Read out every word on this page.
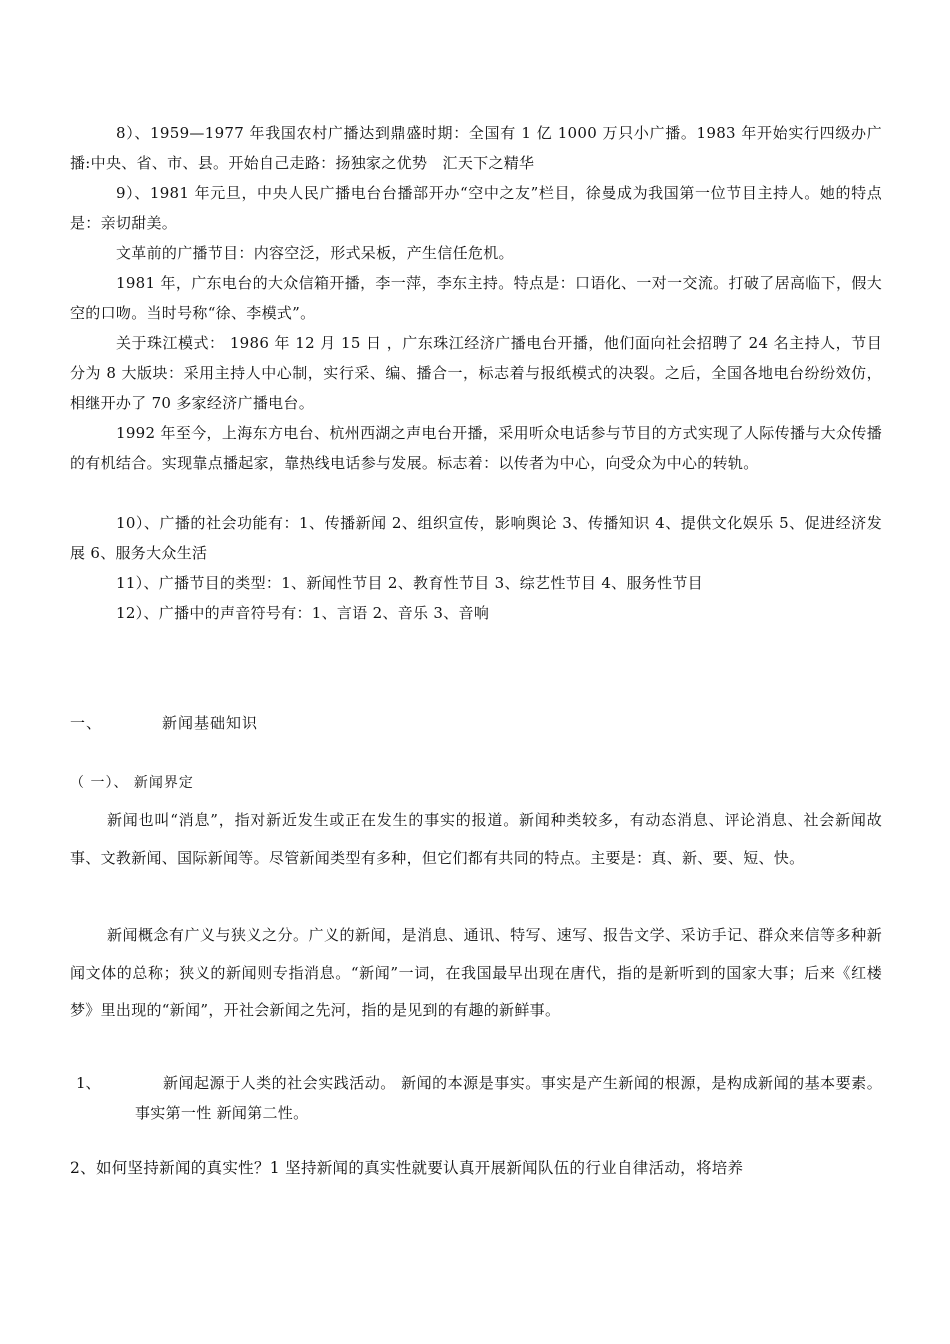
8）、1959—1977 年我国农村广播达到鼎盛时期：全国有 1 亿 1000 万只小广播。1983 年开始实行四级办广播:中央、省、市、县。开始自己走路：扬独家之优势　汇天下之精华

9）、1981 年元旦，中央人民广播电台台播部开办“空中之友”栏目，徐曼成为我国第一位节目主持人。她的特点是：亲切甜美。

文革前的广播节目：内容空泛，形式呆板，产生信任危机。

1981 年，广东电台的大众信箱开播，李一萍，李东主持。特点是：口语化、一对一交流。打破了居高临下，假大空的口吻。当时号称“徐、李模式”。

关于珠江模式： 1986 年 12 月 15 日 ，广东珠江经济广播电台开播，他们面向社会招聘了 24 名主持人，节目分为 8 大版块：采用主持人中心制，实行采、编、播合一，标志着与报纸模式的决裂。之后，全国各地电台纷纷效仿，相继开办了 70 多家经济广播电台。

1992 年至今，上海东方电台、杭州西湖之声电台开播，采用听众电话参与节目的方式实现了人际传播与大众传播的有机结合。实现靠点播起家，靠热线电话参与发展。标志着：以传者为中心，向受众为中心的转轨。

10）、广播的社会功能有：1、传播新闻 2、组织宣传，影响舆论 3、传播知识 4、提供文化娱乐 5、促进经济发展 6、服务大众生活

11）、广播节目的类型：1、新闻性节目 2、教育性节目 3、综艺性节目 4、服务性节目

12）、广播中的声音符号有：1、言语 2、音乐 3、音响

一、	新闻基础知识

（ 一）、 新闻界定

新闻也叫“消息”，指对新近发生或正在发生的事实的报道。新闻种类较多，有动态消息、评论消息、社会新闻故事、文教新闻、国际新闻等。尽管新闻类型有多种，但它们都有共同的特点。主要是：真、新、要、短、快。

新闻概念有广义与狭义之分。广义的新闻，是消息、通讯、特写、速写、报告文学、采访手记、群众来信等多种新闻文体的总称；狭义的新闻则专指消息。“新闻”一词，在我国最早出现在唐代，指的是新听到的国家大事；后来《红楼梦》里出现的“新闻”，开社会新闻之先河，指的是见到的有趣的新鲜事。

1、	新闻起源于人类的社会实践活动。 新闻的本源是事实。事实是产生新闻的根源，是构成新闻的基本要素。 事实第一性 新闻第二性。

2、如何坚持新闻的真实性？1 坚持新闻的真实性就要认真开展新闻队伍的行业自律活动，将培养
